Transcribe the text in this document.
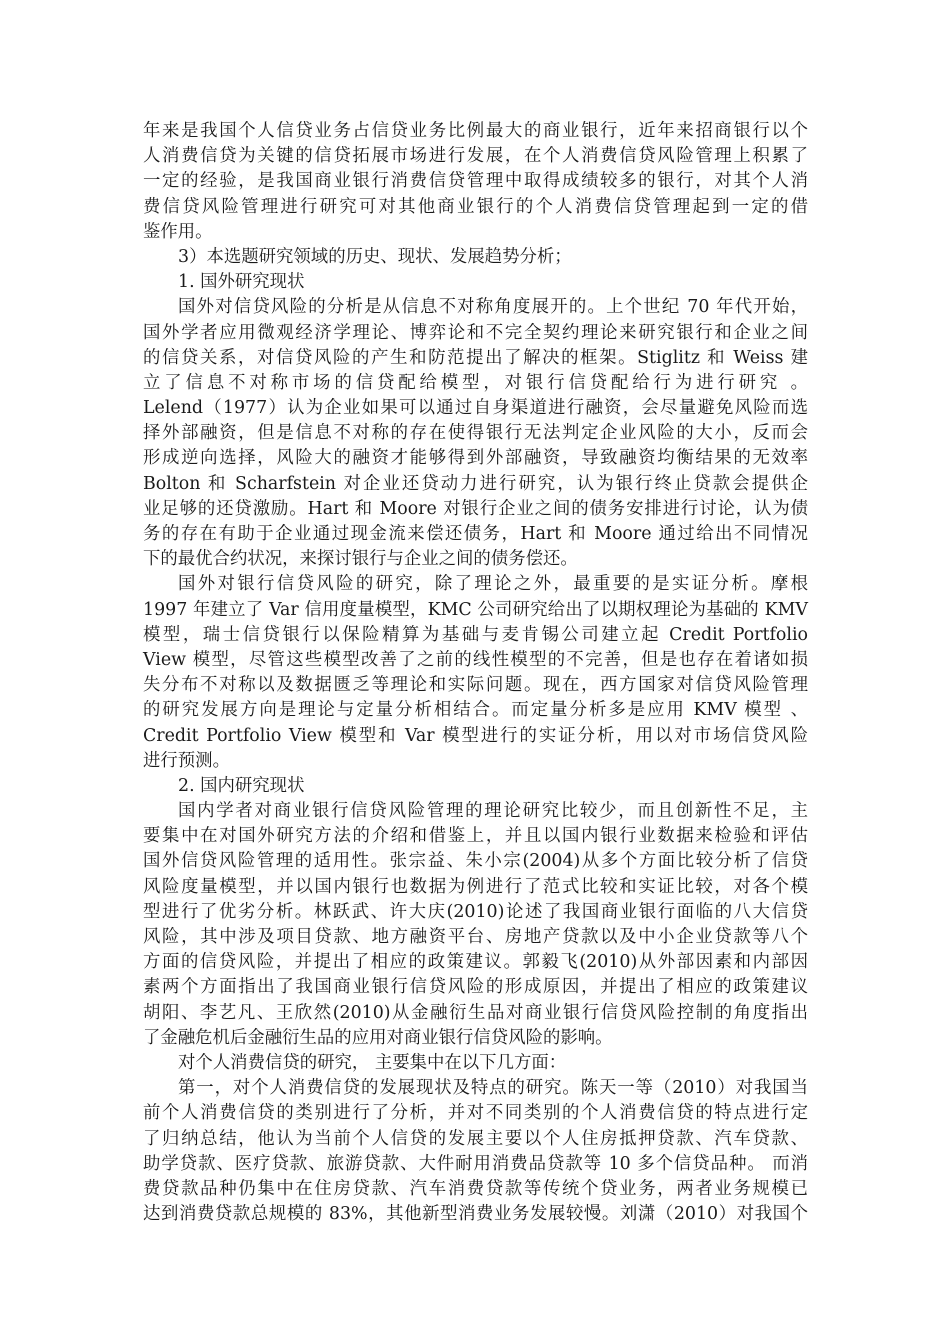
年来是我国个人信贷业务占信贷业务比例最大的商业银行，近年来招商银行以个
人消费信贷为关键的信贷拓展市场进行发展，在个人消费信贷风险管理上积累了
一定的经验，是我国商业银行消费信贷管理中取得成绩较多的银行，对其个人消
费信贷风险管理进行研究可对其他商业银行的个人消费信贷管理起到一定的借
鉴作用。
3）本选题研究领域的历史、现状、发展趋势分析；
1. 国外研究现状
国外对信贷风险的分析是从信息不对称角度展开的。上个世纪 70 年代开始，
国外学者应用微观经济学理论、博弈论和不完全契约理论来研究银行和企业之间
的信贷关系，对信贷风险的产生和防范提出了解决的框架。Stiglitz 和 Weiss 建
立了信息不对称市场的信贷配给模型，对银行信贷配给行为进行研究 。
Lelend（1977）认为企业如果可以通过自身渠道进行融资，会尽量避免风险而选
择外部融资，但是信息不对称的存在使得银行无法判定企业风险的大小，反而会
形成逆向选择，风险大的融资才能够得到外部融资，导致融资均衡结果的无效率
Bolton 和 Scharfstein 对企业还贷动力进行研究，认为银行终止贷款会提供企
业足够的还贷激励。Hart 和 Moore 对银行企业之间的债务安排进行讨论，认为债
务的存在有助于企业通过现金流来偿还债务，Hart 和 Moore 通过给出不同情况
下的最优合约状况，来探讨银行与企业之间的债务偿还。
国外对银行信贷风险的研究，除了理论之外，最重要的是实证分析。摩根
1997 年建立了 Var 信用度量模型，KMC 公司研究给出了以期权理论为基础的 KMV
模型，瑞士信贷银行以保险精算为基础与麦肯锡公司建立起 Credit Portfolio
View 模型，尽管这些模型改善了之前的线性模型的不完善，但是也存在着诸如损
失分布不对称以及数据匮乏等理论和实际问题。现在，西方国家对信贷风险管理
的研究发展方向是理论与定量分析相结合。而定量分析多是应用 KMV 模型 、
Credit Portfolio View 模型和 Var 模型进行的实证分析，用以对市场信贷风险
进行预测。
2. 国内研究现状
国内学者对商业银行信贷风险管理的理论研究比较少，而且创新性不足，主
要集中在对国外研究方法的介绍和借鉴上，并且以国内银行业数据来检验和评估
国外信贷风险管理的适用性。张宗益、朱小宗(2004)从多个方面比较分析了信贷
风险度量模型，并以国内银行也数据为例进行了范式比较和实证比较，对各个模
型进行了优劣分析。林跃武、许大庆(2010)论述了我国商业银行面临的八大信贷
风险，其中涉及项目贷款、地方融资平台、房地产贷款以及中小企业贷款等八个
方面的信贷风险，并提出了相应的政策建议。郭毅飞(2010)从外部因素和内部因
素两个方面指出了我国商业银行信贷风险的形成原因，并提出了相应的政策建议
胡阳、李艺凡、王欣然(2010)从金融衍生品对商业银行信贷风险控制的角度指出
了金融危机后金融衍生品的应用对商业银行信贷风险的影响。
对个人消费信贷的研究， 主要集中在以下几方面：
第一，对个人消费信贷的发展现状及特点的研究。陈天一等（2010）对我国当
前个人消费信贷的类别进行了分析，并对不同类别的个人消费信贷的特点进行定
了归纳总结，他认为当前个人信贷的发展主要以个人住房抵押贷款、汽车贷款、
助学贷款、医疗贷款、旅游贷款、大件耐用消费品贷款等 10 多个信贷品种。 而消
费贷款品种仍集中在住房贷款、汽车消费贷款等传统个贷业务，两者业务规模已
达到消费贷款总规模的 83%，其他新型消费业务发展较慢。刘潇（2010）对我国个
